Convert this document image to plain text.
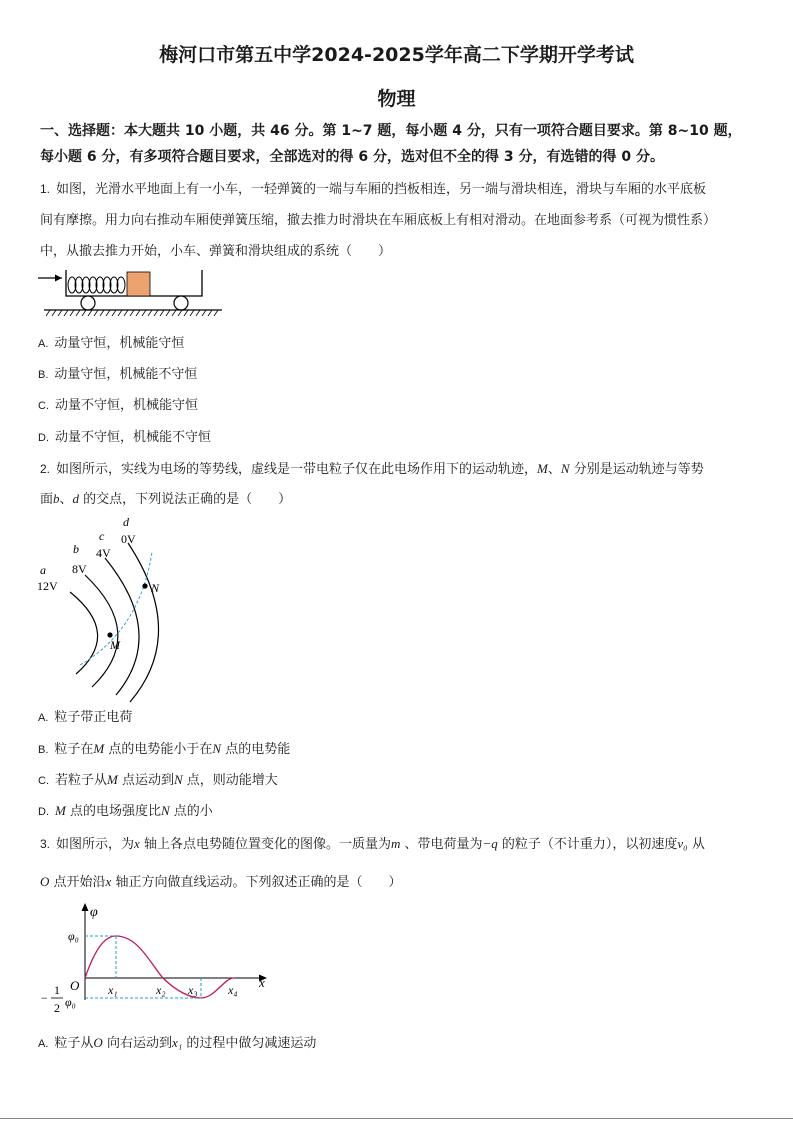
梅河口市第五中学2024-2025学年高二下学期开学考试
物理
一、选择题：本大题共 10 小题，共 46 分。第 1~7 题，每小题 4 分，只有一项符合题目要求。第 8~10 题，
每小题 6 分，有多项符合题目要求，全部选对的得 6 分，选对但不全的得 3 分，有选错的得 0 分。
1. 如图，光滑水平地面上有一小车，一轻弹簧的一端与车厢的挡板相连，另一端与滑块相连，滑块与车厢的水平底板
间有摩擦。用力向右推动车厢使弹簧压缩，撤去推力时滑块在车厢底板上有相对滑动。在地面参考系（可视为惯性系）
中，从撤去推力开始，小车、弹簧和滑块组成的系统（　　）
A. 动量守恒，机械能守恒
B. 动量守恒，机械能不守恒
C. 动量不守恒，机械能守恒
D. 动量不守恒，机械能不守恒
2. 如图所示，实线为电场的等势线，虚线是一带电粒子仅在此电场作用下的运动轨迹，M、N 分别是运动轨迹与等势
面b、d 的交点，下列说法正确的是（　　）
a
12V
b
8V
c
4V
d
0V
M
N
A. 粒子带正电荷
B. 粒子在M 点的电势能小于在N 点的电势能
C. 若粒子从M 点运动到N 点，则动能增大
D. M 点的电场强度比N 点的小
3. 如图所示，为x 轴上各点电势随位置变化的图像。一质量为m 、带电荷量为−q 的粒子（不计重力），以初速度v₀ 从
O 点开始沿x 轴正方向做直线运动。下列叙述正确的是（　　）
φ
φ₀
O	x
x₁	x₂ x₃	x₄
−
1
2 φ₀
A. 粒子从O 向右运动到x₁ 的过程中做匀减速运动
